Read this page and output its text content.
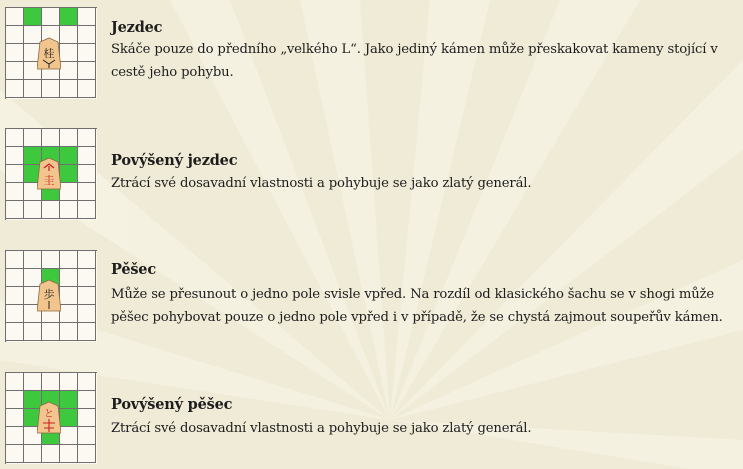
桂
Jezdec

Skáče pouze do předního „velkého L“. Jako jediný kámen může přeskakovat kameny stojící v cestě jeho pohybu.

圭
Povýšený jezdec

Ztrácí své dosavadní vlastnosti a pohybuje se jako zlatý generál.

歩
Pěšec

Může se přesunout o jedno pole svisle vpřed. Na rozdíl od klasického šachu se v shogi může pěšec pohybovat pouze o jedno pole vpřed i v případě, že se chystá zajmout soupeřův kámen.

と
Povýšený pěšec

Ztrácí své dosavadní vlastnosti a pohybuje se jako zlatý generál.
